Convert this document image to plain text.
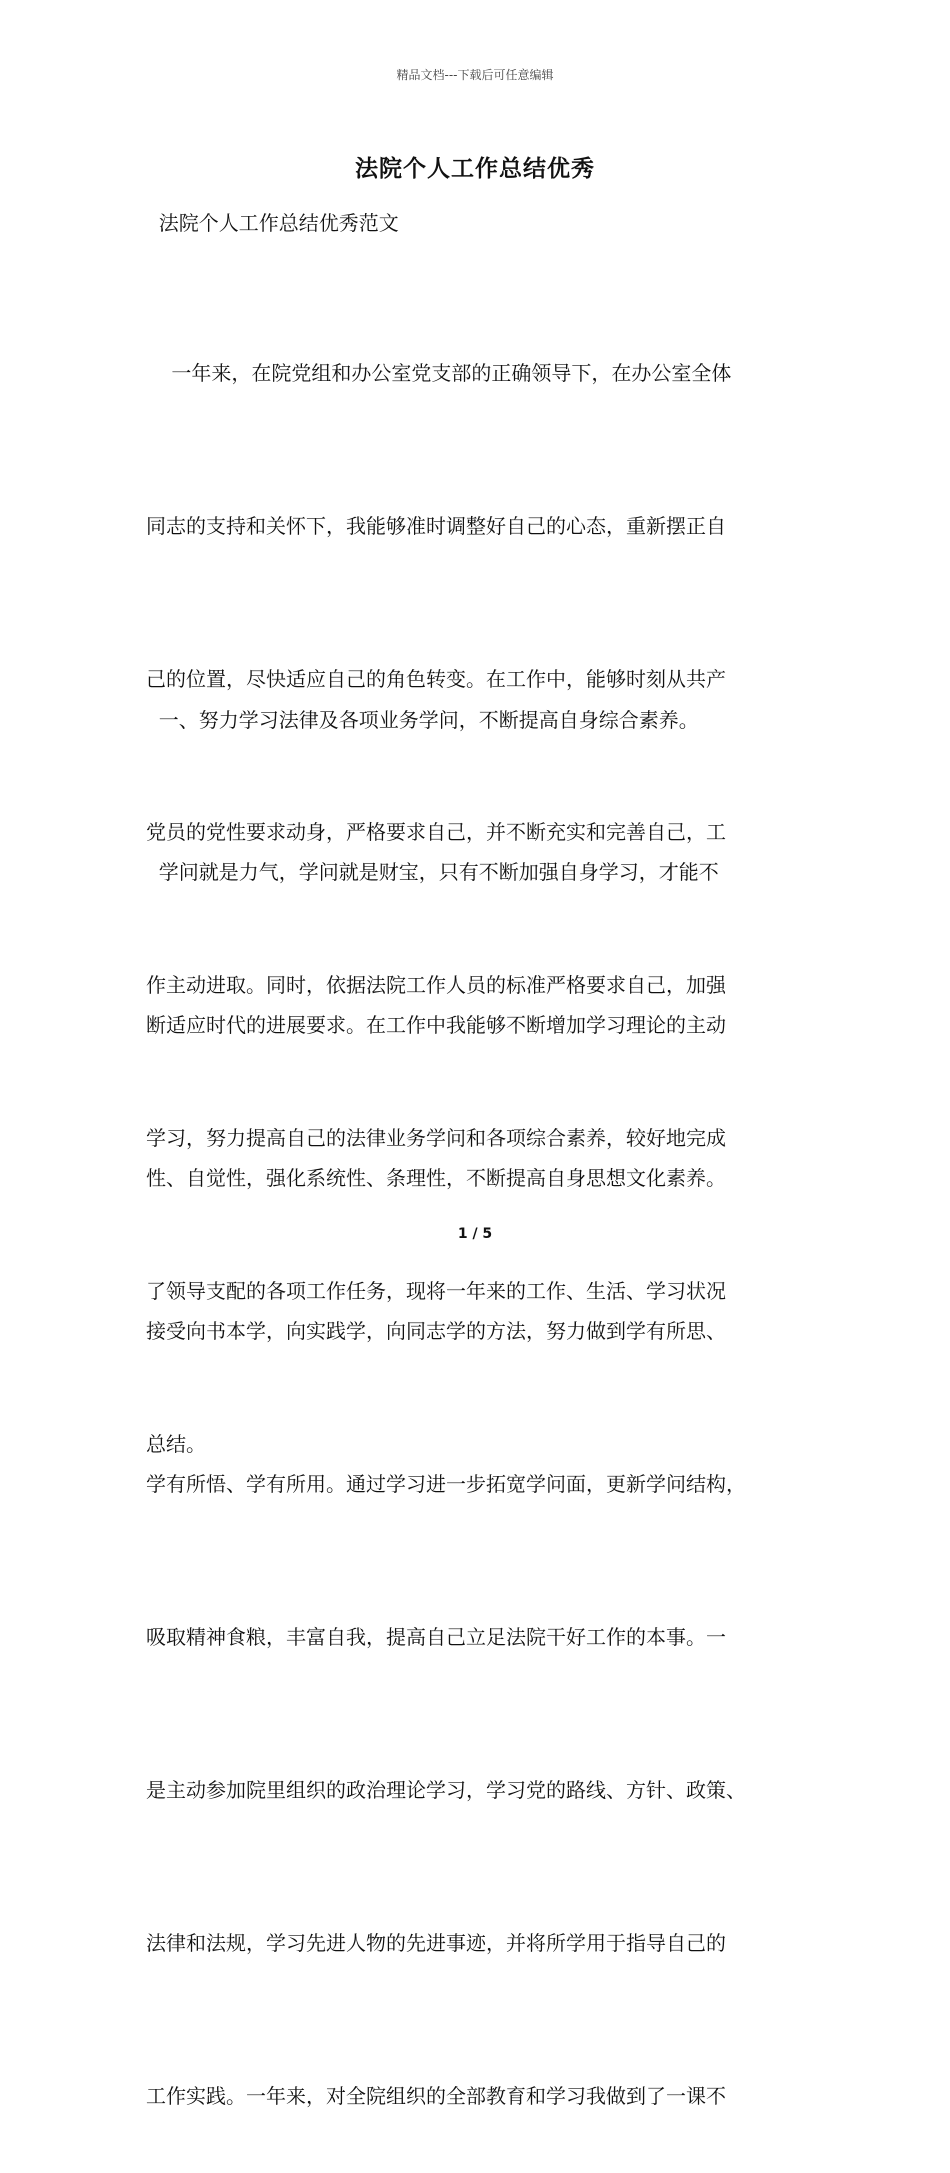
精品文档---下载后可任意编辑
法院个人工作总结优秀
法院个人工作总结优秀范文

一年来，在院党组和办公室党支部的正确领导下，在办公室全体

同志的支持和关怀下，我能够准时调整好自己的心态，重新摆正自

己的位置，尽快适应自己的角色转变。在工作中，能够时刻从共产

党员的党性要求动身，严格要求自己，并不断充实和完善自己，工

作主动进取。同时，依据法院工作人员的标准严格要求自己，加强

学习，努力提高自己的法律业务学问和各项综合素养，较好地完成

了领导支配的各项工作任务，现将一年来的工作、生活、学习状况

总结。

一、努力学习法律及各项业务学问，不断提高自身综合素养。

学问就是力气，学问就是财宝，只有不断加强自身学习，才能不

断适应时代的进展要求。在工作中我能够不断增加学习理论的主动

性、自觉性，强化系统性、条理性，不断提高自身思想文化素养。

接受向书本学，向实践学，向同志学的方法，努力做到学有所思、

学有所悟、学有所用。通过学习进一步拓宽学问面，更新学问结构，

吸取精神食粮，丰富自我，提高自己立足法院干好工作的本事。一

是主动参加院里组织的政治理论学习，学习党的路线、方针、政策、

法律和法规，学习先进人物的先进事迹，并将所学用于指导自己的

工作实践。一年来，对全院组织的全部教育和学习我做到了一课不

1 / 5
